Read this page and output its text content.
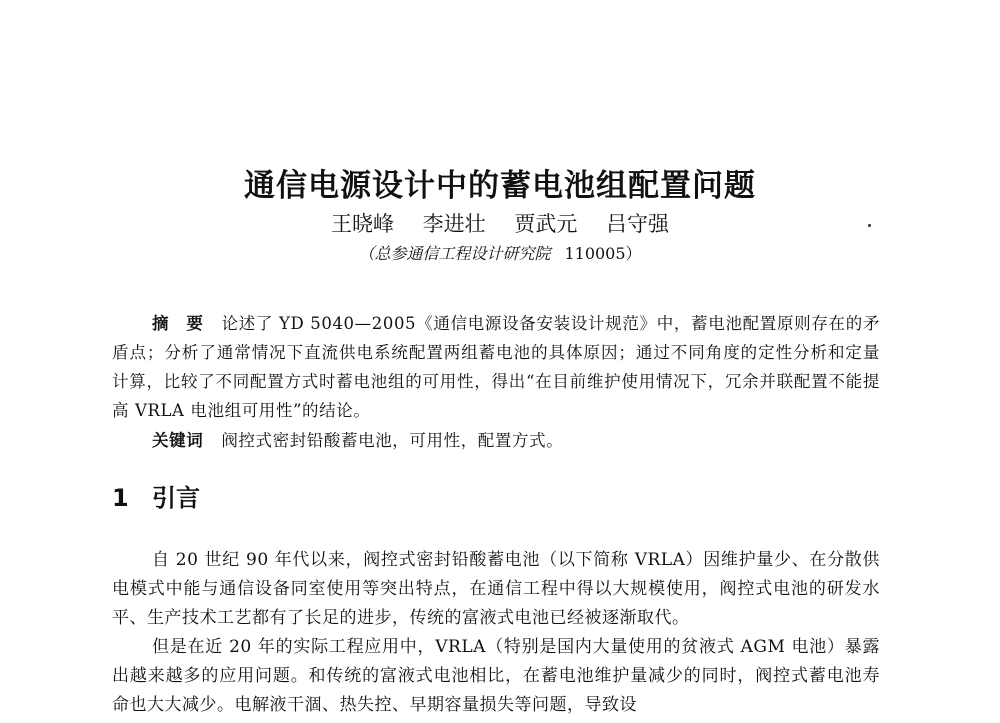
通信电源设计中的蓄电池组配置问题
王晓峰 李进壮 贾武元 吕守强
（总参通信工程设计研究院 110005）
摘　要 论述了 YD 5040—2005《通信电源设备安装设计规范》中，蓄电池配置原则存在的矛盾点；分析了通常情况下直流供电系统配置两组蓄电池的具体原因；通过不同角度的定性分析和定量计算，比较了不同配置方式时蓄电池组的可用性，得出“在目前维护使用情况下，冗余并联配置不能提高 VRLA 电池组可用性”的结论。
关键词 阀控式密封铅酸蓄电池，可用性，配置方式。
1 引言

自 20 世纪 90 年代以来，阀控式密封铅酸蓄电池（以下简称 VRLA）因维护量少、在分散供电模式中能与通信设备同室使用等突出特点，在通信工程中得以大规模使用，阀控式电池的研发水平、生产技术工艺都有了长足的进步，传统的富液式电池已经被逐渐取代。

但是在近 20 年的实际工程应用中，VRLA（特别是国内大量使用的贫液式 AGM 电池）暴露出越来越多的应用问题。和传统的富液式电池相比，在蓄电池维护量减少的同时，阀控式蓄电池寿命也大大减少。电解液干涸、热失控、早期容量损失等问题，导致设
